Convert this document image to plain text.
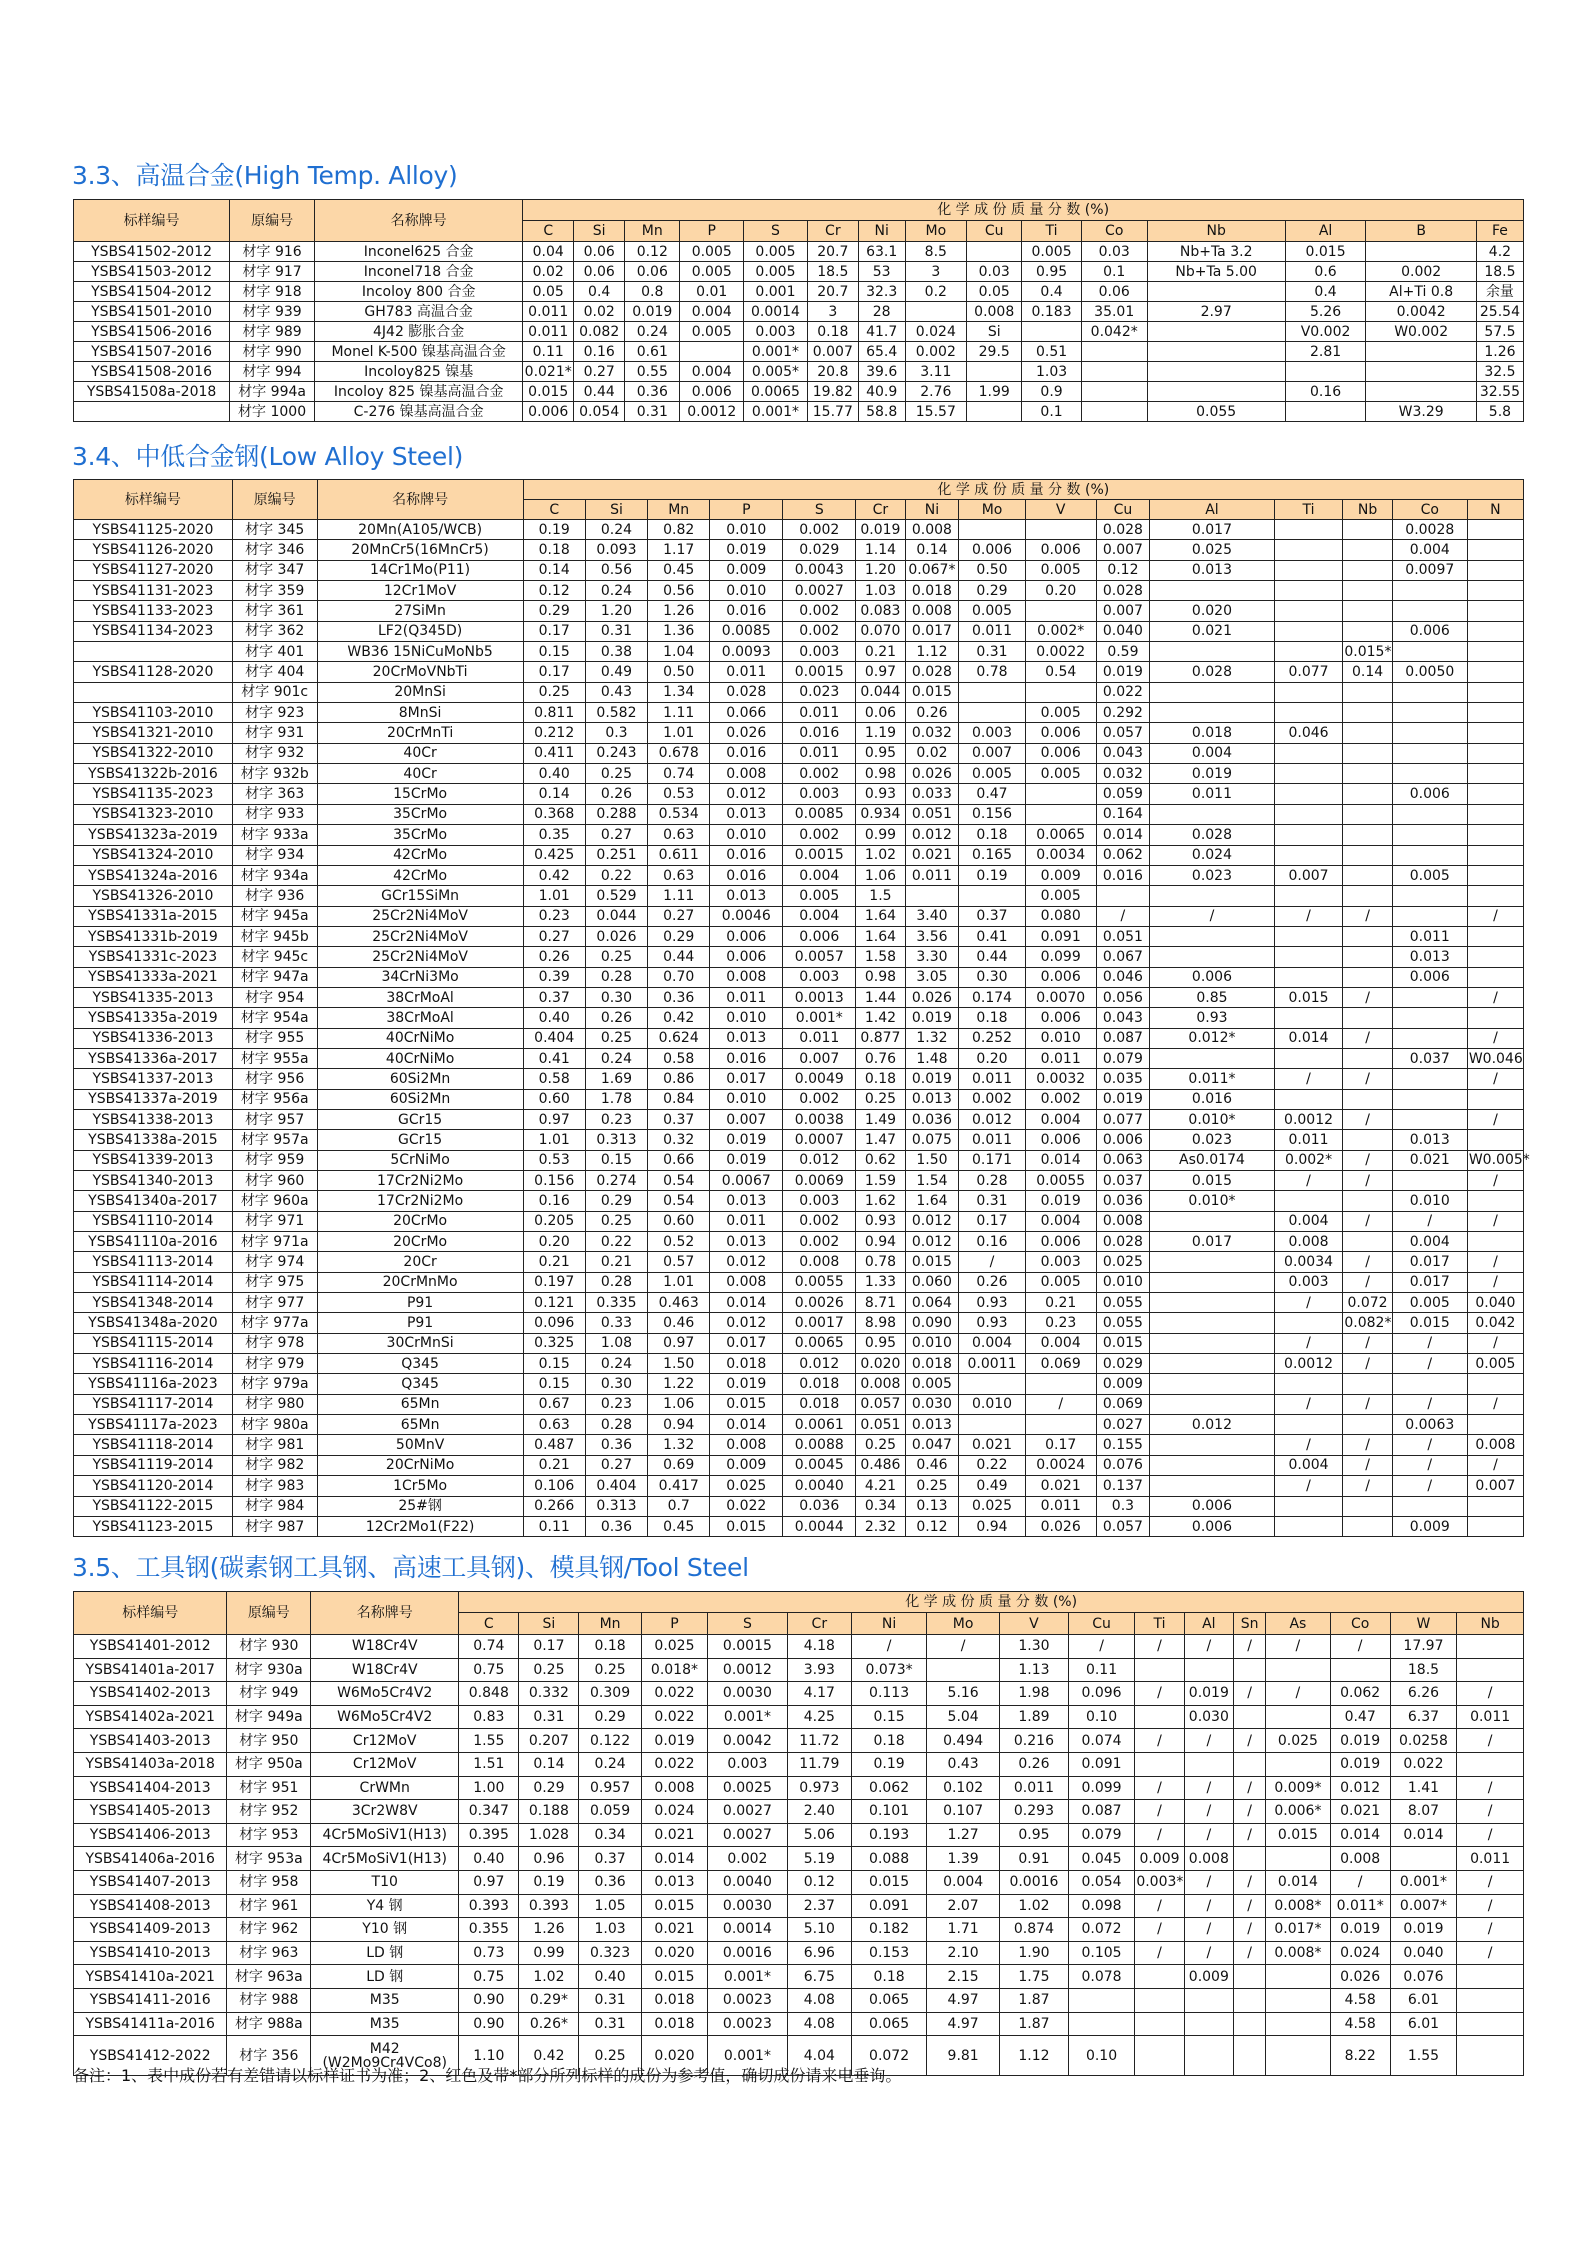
3.3、高温合金(High Temp. Alloy)
标样编号	原编号	名称牌号	化 学 成 份 质 量 分 数 (%)														
			C	Si	Mn	P	S	Cr	Ni	Mo	Cu	Ti	Co	Nb	Al	B	Fe
YSBS41502-2012	材字 916	Inconel625 合金	0.04	0.06	0.12	0.005	0.005	20.7	63.1	8.5		0.005	0.03	Nb+Ta 3.2	0.015		4.2
YSBS41503-2012	材字 917	Inconel718 合金	0.02	0.06	0.06	0.005	0.005	18.5	53	3	0.03	0.95	0.1	Nb+Ta 5.00	0.6	0.002	18.5
YSBS41504-2012	材字 918	Incoloy 800 合金	0.05	0.4	0.8	0.01	0.001	20.7	32.3	0.2	0.05	0.4	0.06		0.4	Al+Ti 0.8	余量
YSBS41501-2010	材字 939	GH783 高温合金	0.011	0.02	0.019	0.004	0.0014	3	28		0.008	0.183	35.01	2.97	5.26	0.0042	25.54
YSBS41506-2016	材字 989	4J42 膨胀合金	0.011	0.082	0.24	0.005	0.003	0.18	41.7	0.024	Si		0.042*		V0.002	W0.002	57.5
YSBS41507-2016	材字 990	Monel K-500 镍基高温合金	0.11	0.16	0.61		0.001*	0.007	65.4	0.002	29.5	0.51			2.81		1.26
YSBS41508-2016	材字 994	Incoloy825 镍基	0.021*	0.27	0.55	0.004	0.005*	20.8	39.6	3.11		1.03					32.5
YSBS41508a-2018	材字 994a	Incoloy 825 镍基高温合金	0.015	0.44	0.36	0.006	0.0065	19.82	40.9	2.76	1.99	0.9			0.16		32.55
	材字 1000	C-276 镍基高温合金	0.006	0.054	0.31	0.0012	0.001*	15.77	58.8	15.57		0.1		0.055		W3.29	5.8
3.4、中低合金钢(Low Alloy Steel)
标样编号	原编号	名称牌号	化 学 成 份 质 量 分 数 (%)														
			C	Si	Mn	P	S	Cr	Ni	Mo	V	Cu	Al	Ti	Nb	Co	N
YSBS41125-2020	材字 345	20Mn(A105/WCB)	0.19	0.24	0.82	0.010	0.002	0.019	0.008			0.028	0.017			0.0028	
YSBS41126-2020	材字 346	20MnCr5(16MnCr5)	0.18	0.093	1.17	0.019	0.029	1.14	0.14	0.006	0.006	0.007	0.025			0.004	
YSBS41127-2020	材字 347	14Cr1Mo(P11)	0.14	0.56	0.45	0.009	0.0043	1.20	0.067*	0.50	0.005	0.12	0.013			0.0097	
YSBS41131-2023	材字 359	12Cr1MoV	0.12	0.24	0.56	0.010	0.0027	1.03	0.018	0.29	0.20	0.028					
YSBS41133-2023	材字 361	27SiMn	0.29	1.20	1.26	0.016	0.002	0.083	0.008	0.005		0.007	0.020				
YSBS41134-2023	材字 362	LF2(Q345D)	0.17	0.31	1.36	0.0085	0.002	0.070	0.017	0.011	0.002*	0.040	0.021			0.006	
	材字 401	WB36 15NiCuMoNb5	0.15	0.38	1.04	0.0093	0.003	0.21	1.12	0.31	0.0022	0.59			0.015*		
YSBS41128-2020	材字 404	20CrMoVNbTi	0.17	0.49	0.50	0.011	0.0015	0.97	0.028	0.78	0.54	0.019	0.028	0.077	0.14	0.0050	
	材字 901c	20MnSi	0.25	0.43	1.34	0.028	0.023	0.044	0.015			0.022					
YSBS41103-2010	材字 923	8MnSi	0.811	0.582	1.11	0.066	0.011	0.06	0.26		0.005	0.292					
YSBS41321-2010	材字 931	20CrMnTi	0.212	0.3	1.01	0.026	0.016	1.19	0.032	0.003	0.006	0.057	0.018	0.046			
YSBS41322-2010	材字 932	40Cr	0.411	0.243	0.678	0.016	0.011	0.95	0.02	0.007	0.006	0.043	0.004				
YSBS41322b-2016	材字 932b	40Cr	0.40	0.25	0.74	0.008	0.002	0.98	0.026	0.005	0.005	0.032	0.019				
YSBS41135-2023	材字 363	15CrMo	0.14	0.26	0.53	0.012	0.003	0.93	0.033	0.47		0.059	0.011			0.006	
YSBS41323-2010	材字 933	35CrMo	0.368	0.288	0.534	0.013	0.0085	0.934	0.051	0.156		0.164					
YSBS41323a-2019	材字 933a	35CrMo	0.35	0.27	0.63	0.010	0.002	0.99	0.012	0.18	0.0065	0.014	0.028				
YSBS41324-2010	材字 934	42CrMo	0.425	0.251	0.611	0.016	0.0015	1.02	0.021	0.165	0.0034	0.062	0.024				
YSBS41324a-2016	材字 934a	42CrMo	0.42	0.22	0.63	0.016	0.004	1.06	0.011	0.19	0.009	0.016	0.023	0.007		0.005	
YSBS41326-2010	材字 936	GCr15SiMn	1.01	0.529	1.11	0.013	0.005	1.5			0.005						
YSBS41331a-2015	材字 945a	25Cr2Ni4MoV	0.23	0.044	0.27	0.0046	0.004	1.64	3.40	0.37	0.080	/	/	/	/		/
YSBS41331b-2019	材字 945b	25Cr2Ni4MoV	0.27	0.026	0.29	0.006	0.006	1.64	3.56	0.41	0.091	0.051				0.011	
YSBS41331c-2023	材字 945c	25Cr2Ni4MoV	0.26	0.25	0.44	0.006	0.0057	1.58	3.30	0.44	0.099	0.067				0.013	
YSBS41333a-2021	材字 947a	34CrNi3Mo	0.39	0.28	0.70	0.008	0.003	0.98	3.05	0.30	0.006	0.046	0.006			0.006	
YSBS41335-2013	材字 954	38CrMoAl	0.37	0.30	0.36	0.011	0.0013	1.44	0.026	0.174	0.0070	0.056	0.85	0.015	/		/
YSBS41335a-2019	材字 954a	38CrMoAl	0.40	0.26	0.42	0.010	0.001*	1.42	0.019	0.18	0.006	0.043	0.93				
YSBS41336-2013	材字 955	40CrNiMo	0.404	0.25	0.624	0.013	0.011	0.877	1.32	0.252	0.010	0.087	0.012*	0.014	/		/
YSBS41336a-2017	材字 955a	40CrNiMo	0.41	0.24	0.58	0.016	0.007	0.76	1.48	0.20	0.011	0.079				0.037	W0.046
YSBS41337-2013	材字 956	60Si2Mn	0.58	1.69	0.86	0.017	0.0049	0.18	0.019	0.011	0.0032	0.035	0.011*	/	/		/
YSBS41337a-2019	材字 956a	60Si2Mn	0.60	1.78	0.84	0.010	0.002	0.25	0.013	0.002	0.002	0.019	0.016				
YSBS41338-2013	材字 957	GCr15	0.97	0.23	0.37	0.007	0.0038	1.49	0.036	0.012	0.004	0.077	0.010*	0.0012	/		/
YSBS41338a-2015	材字 957a	GCr15	1.01	0.313	0.32	0.019	0.0007	1.47	0.075	0.011	0.006	0.006	0.023	0.011		0.013	
YSBS41339-2013	材字 959	5CrNiMo	0.53	0.15	0.66	0.019	0.012	0.62	1.50	0.171	0.014	0.063	As0.0174	0.002*	/	0.021	W0.005*
YSBS41340-2013	材字 960	17Cr2Ni2Mo	0.156	0.274	0.54	0.0067	0.0069	1.59	1.54	0.28	0.0055	0.037	0.015	/	/		/
YSBS41340a-2017	材字 960a	17Cr2Ni2Mo	0.16	0.29	0.54	0.013	0.003	1.62	1.64	0.31	0.019	0.036	0.010*			0.010	
YSBS41110-2014	材字 971	20CrMo	0.205	0.25	0.60	0.011	0.002	0.93	0.012	0.17	0.004	0.008		0.004	/	/	/
YSBS41110a-2016	材字 971a	20CrMo	0.20	0.22	0.52	0.013	0.002	0.94	0.012	0.16	0.006	0.028	0.017	0.008		0.004	
YSBS41113-2014	材字 974	20Cr	0.21	0.21	0.57	0.012	0.008	0.78	0.015	/	0.003	0.025		0.0034	/	0.017	/
YSBS41114-2014	材字 975	20CrMnMo	0.197	0.28	1.01	0.008	0.0055	1.33	0.060	0.26	0.005	0.010		0.003	/	0.017	/
YSBS41348-2014	材字 977	P91	0.121	0.335	0.463	0.014	0.0026	8.71	0.064	0.93	0.21	0.055		/	0.072	0.005	0.040
YSBS41348a-2020	材字 977a	P91	0.096	0.33	0.46	0.012	0.0017	8.98	0.090	0.93	0.23	0.055			0.082*	0.015	0.042
YSBS41115-2014	材字 978	30CrMnSi	0.325	1.08	0.97	0.017	0.0065	0.95	0.010	0.004	0.004	0.015		/	/	/	/
YSBS41116-2014	材字 979	Q345	0.15	0.24	1.50	0.018	0.012	0.020	0.018	0.0011	0.069	0.029		0.0012	/	/	0.005
YSBS41116a-2023	材字 979a	Q345	0.15	0.30	1.22	0.019	0.018	0.008	0.005			0.009					
YSBS41117-2014	材字 980	65Mn	0.67	0.23	1.06	0.015	0.018	0.057	0.030	0.010	/	0.069		/	/	/	/
YSBS41117a-2023	材字 980a	65Mn	0.63	0.28	0.94	0.014	0.0061	0.051	0.013			0.027	0.012			0.0063	
YSBS41118-2014	材字 981	50MnV	0.487	0.36	1.32	0.008	0.0088	0.25	0.047	0.021	0.17	0.155		/	/	/	0.008
YSBS41119-2014	材字 982	20CrNiMo	0.21	0.27	0.69	0.009	0.0045	0.486	0.46	0.22	0.0024	0.076		0.004	/	/	/
YSBS41120-2014	材字 983	1Cr5Mo	0.106	0.404	0.417	0.025	0.0040	4.21	0.25	0.49	0.021	0.137		/	/	/	0.007
YSBS41122-2015	材字 984	25#钢	0.266	0.313	0.7	0.022	0.036	0.34	0.13	0.025	0.011	0.3	0.006				
YSBS41123-2015	材字 987	12Cr2Mo1(F22)	0.11	0.36	0.45	0.015	0.0044	2.32	0.12	0.94	0.026	0.057	0.006			0.009	
3.5、工具钢(碳素钢工具钢、高速工具钢)、模具钢/Tool Steel
标样编号	原编号	名称牌号	化 学 成 份 质 量 分 数 (%)																
			C	Si	Mn	P	S	Cr	Ni	Mo	V	Cu	Ti	Al	Sn	As	Co	W	Nb
YSBS41401-2012	材字 930	W18Cr4V	0.74	0.17	0.18	0.025	0.0015	4.18	/	/	1.30	/	/	/	/	/	/	17.97	
YSBS41401a-2017	材字 930a	W18Cr4V	0.75	0.25	0.25	0.018*	0.0012	3.93	0.073*		1.13	0.11						18.5	
YSBS41402-2013	材字 949	W6Mo5Cr4V2	0.848	0.332	0.309	0.022	0.0030	4.17	0.113	5.16	1.98	0.096	/	0.019	/	/	0.062	6.26	/
YSBS41402a-2021	材字 949a	W6Mo5Cr4V2	0.83	0.31	0.29	0.022	0.001*	4.25	0.15	5.04	1.89	0.10		0.030			0.47	6.37	0.011
YSBS41403-2013	材字 950	Cr12MoV	1.55	0.207	0.122	0.019	0.0042	11.72	0.18	0.494	0.216	0.074	/	/	/	0.025	0.019	0.0258	/
YSBS41403a-2018	材字 950a	Cr12MoV	1.51	0.14	0.24	0.022	0.003	11.79	0.19	0.43	0.26	0.091					0.019	0.022	
YSBS41404-2013	材字 951	CrWMn	1.00	0.29	0.957	0.008	0.0025	0.973	0.062	0.102	0.011	0.099	/	/	/	0.009*	0.012	1.41	/
YSBS41405-2013	材字 952	3Cr2W8V	0.347	0.188	0.059	0.024	0.0027	2.40	0.101	0.107	0.293	0.087	/	/	/	0.006*	0.021	8.07	/
YSBS41406-2013	材字 953	4Cr5MoSiV1(H13)	0.395	1.028	0.34	0.021	0.0027	5.06	0.193	1.27	0.95	0.079	/	/	/	0.015	0.014	0.014	/
YSBS41406a-2016	材字 953a	4Cr5MoSiV1(H13)	0.40	0.96	0.37	0.014	0.002	5.19	0.088	1.39	0.91	0.045	0.009	0.008			0.008		0.011
YSBS41407-2013	材字 958	T10	0.97	0.19	0.36	0.013	0.0040	0.12	0.015	0.004	0.0016	0.054	0.003*	/	/	0.014	/	0.001*	/
YSBS41408-2013	材字 961	Y4 钢	0.393	0.393	1.05	0.015	0.0030	2.37	0.091	2.07	1.02	0.098	/	/	/	0.008*	0.011*	0.007*	/
YSBS41409-2013	材字 962	Y10 钢	0.355	1.26	1.03	0.021	0.0014	5.10	0.182	1.71	0.874	0.072	/	/	/	0.017*	0.019	0.019	/
YSBS41410-2013	材字 963	LD 钢	0.73	0.99	0.323	0.020	0.0016	6.96	0.153	2.10	1.90	0.105	/	/	/	0.008*	0.024	0.040	/
YSBS41410a-2021	材字 963a	LD 钢	0.75	1.02	0.40	0.015	0.001*	6.75	0.18	2.15	1.75	0.078		0.009			0.026	0.076	
YSBS41411-2016	材字 988	M35	0.90	0.29*	0.31	0.018	0.0023	4.08	0.065	4.97	1.87						4.58	6.01	
YSBS41411a-2016	材字 988a	M35	0.90	0.26*	0.31	0.018	0.0023	4.08	0.065	4.97	1.87						4.58	6.01	
YSBS41412-2022	材字 356	M42 (W2Mo9Cr4VCo8)	1.10	0.42	0.25	0.020	0.001*	4.04	0.072	9.81	1.12	0.10					8.22	1.55	

备注：1、表中成份若有差错请以标样证书为准；2、红色及带*部分所列标样的成份为参考值，确切成份请来电垂询。
